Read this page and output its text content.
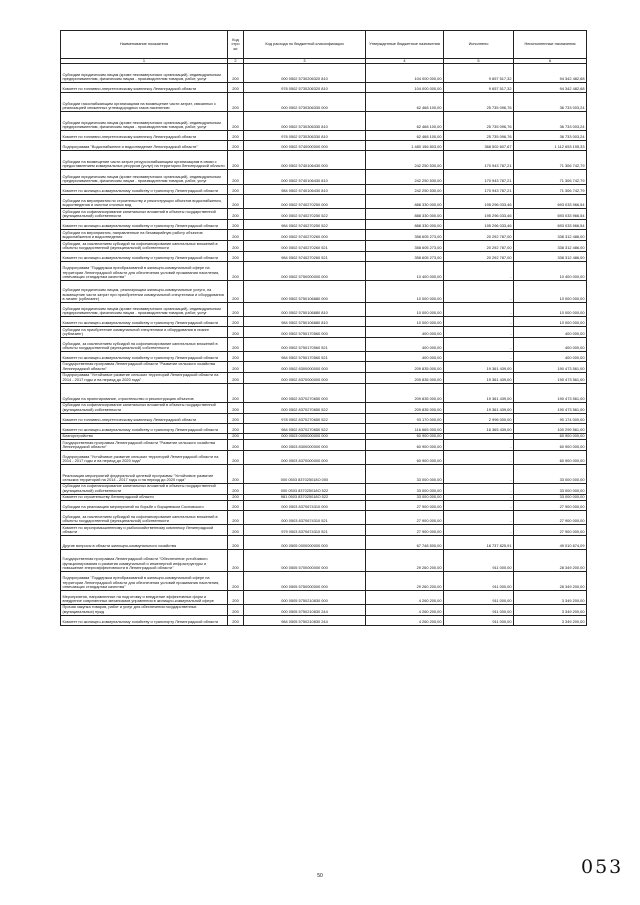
Наименование показателя	Код стро ки	Код расхода по бюджетной классификации	Утвержденные бюджетные назначения	Исполнено	Неисполненные назначения
1	2	3	4	5	6
Субсидии юридическим лицам (кроме некоммерческих организаций), индивидуальным предпринимателям, физическим лицам - производителям товаров, работ, услуг	200	000 0502 5730206320 810	104 000 000,00	9 657 517,32	94 342 482,68
Комитет по топливно-энергетическому комплексу Ленинградской области	200	978 0502 5730206320 810	104 000 000,00	9 657 517,32	94 342 482,68
Субсидии газоснабжающим организациям на возмещение части затрат, связанных с реализацией сниженных углеводородных газов населению	200	000 0502 5730306330 000	62 468 100,00	25 735 096,76	36 733 003,24
Субсидии юридическим лицам (кроме некоммерческих организаций), индивидуальным предпринимателям, физическим лицам - производителям товаров, работ, услуг	200	000 0502 5730306330 810	62 468 100,00	25 735 096,76	36 733 003,24
Комитет по топливно-энергетическому комплексу Ленинградской области	200	978 0502 5730306330 810	62 468 100,00	25 735 096,76	36 733 003,24
Подпрограмма "Водоснабжение и водоотведение Ленинградской области"	200	000 0502 5740000000 000	1 480 156 803,00	368 502 607,67	1 112 653 195,33
Субсидии на возмещение части затрат ресурсоснабжающим организациям в связи с предоставлением коммунальных ресурсов (услуг) на территории Ленинградской области	200	000 0502 5740106430 000	242 250 530,00	170 943 787,21	71 306 742,79
Субсидии юридическим лицам (кроме некоммерческих организаций), индивидуальным предпринимателям, физическим лицам - производителям товаров, работ, услуг	200	000 0502 5740106430 810	242 250 530,00	170 943 787,21	71 306 742,79
Комитет по жилищно-коммунальному хозяйству и транспорту Ленинградской области	200	984 0502 5740106430 810	242 250 530,00	170 943 787,21	71 306 742,79
Субсидии на мероприятия по строительству и реконструкции объектов водоснабжения, водоотведения и очистки сточных вод	200	000 0502 5740270250 000	888 330 000,00	195 296 033,46	693 033 966,54
Субсидии на софинансирование капитальных вложений в объекты государственной (муниципальной) собственности	200	000 0502 5740270250 522	888 330 000,00	195 296 033,46	693 033 966,54
Комитет по жилищно-коммунальному хозяйству и транспорту Ленинградской области	200	984 0502 5740270250 522	888 330 000,00	195 296 033,46	693 033 966,54
Субсидии на мероприятия, направленные на безаварийную работу объектов водоснабжения и водоотведения	200	000 0502 5740270260 000	358 605 273,00	20 292 787,00	338 312 486,00
Субсидии, за исключением субсидий на софинансирование капитальных вложений в объекты государственной (муниципальной) собственности	200	000 0502 5740270260 521	358 605 273,00	20 292 787,00	338 312 486,00
Комитет по жилищно-коммунальному хозяйству и транспорту Ленинградской области	200	984 0502 5740270260 521	358 605 273,00	20 292 787,00	338 312 486,00
Подпрограмма "Поддержка преобразований в жилищно-коммунальной сфере на территории Ленинградской области для обеспечения условий проживания населения, отвечающих стандартам качества"	200	000 0502 5750000000 000	10 400 000,00	-	10 400 000,00
Субсидии юридическим лицам, реализующим жилищно-коммунальные услуги, на возмещение части затрат при приобретении коммунальной спецтехники и оборудования в лизинг (сублизинг)	200	000 0502 5750106880 000	10 000 000,00	-	10 000 000,00
Субсидии юридическим лицам (кроме некоммерческих организаций), индивидуальным предпринимателям, физическим лицам - производителям товаров, работ, услуг	200	000 0502 5750106880 810	10 000 000,00	-	10 000 000,00
Комитет по жилищно-коммунальному хозяйству и транспорту Ленинградской области	200	984 0502 5750106880 810	10 000 000,00	-	10 000 000,00
Субсидии на приобретение коммунальной спецтехники и оборудования в лизинг (сублизинг)	200	000 0502 5750170560 000	400 000,00	-	400 000,00
Субсидии, за исключением субсидий на софинансирование капитальных вложений в объекты государственной (муниципальной) собственности	200	000 0502 5750170560 521	400 000,00	-	400 000,00
Комитет по жилищно-коммунальному хозяйству и транспорту Ленинградской области	200	984 0502 5750170560 521	400 000,00	-	400 000,00
Государственная программа Ленинградской области "Развитие сельского хозяйства Ленинградской области"	200	000 0502 8300000000 000	209 835 000,00	19 361 439,00	190 473 561,00
Подпрограмма "Устойчивое развитие сельских территорий Ленинградской области на 2014 - 2017 годы и на период до 2020 года"	200	000 0502 8370000000 000	209 835 000,00	19 361 439,00	190 473 561,00
Субсидии на проектирование, строительство и реконструкцию объектов	200	000 0502 8370270650 000	209 835 000,00	19 361 439,00	190 473 561,00
Субсидии на софинансирование капитальных вложений в объекты государственной (муниципальной) собственности	200	000 0502 8370270650 522	209 835 000,00	19 361 439,00	190 473 561,00
Комитет по топливно-энергетическому комплексу Ленинградской области	200	978 0502 8370270650 522	93 170 000,00	2 996 000,00	90 174 000,00
Комитет по жилищно-коммунальному хозяйству и транспорту Ленинградской области	200	984 0502 8370270650 522	116 665 000,00	16 365 439,00	100 299 561,00
Благоустройство	200	000 0503 0000000000 000	60 900 000,00	-	60 900 000,00
Государственная программа Ленинградской области "Развитие сельского хозяйства Ленинградской области"	200	000 0503 8300000000 000	60 900 000,00	-	60 900 000,00
Подпрограмма "Устойчивое развитие сельских территорий Ленинградской области на 2014 - 2017 годы и на период до 2020 года"	200	000 0503 8370000000 000	60 900 000,00	-	60 900 000,00
Реализация мероприятий федеральной целевой программы "Устойчивое развитие сельских территорий на 2014 - 2017 годы и на период до 2020 года"	200	000 0503 837025018О 000	33 000 000,00	-	33 000 000,00
Субсидии на софинансирование капитальных вложений в объекты государственной (муниципальной) собственности	200	000 0503 837025018О 522	33 000 000,00	-	33 000 000,00
Комитет по строительству Ленинградской области	200	981 0503 837025018О 522	33 000 000,00	-	33 000 000,00
Субсидии на реализацию мероприятий по борьбе с борщевиком Сосновского	200	000 0503 8370674310 000	27 900 000,00	-	27 900 000,00
Субсидии, за исключением субсидий на софинансирование капитальных вложений в объекты государственной (муниципальной) собственности	200	000 0503 8370674310 521	27 900 000,00	-	27 900 000,00
Комитет по агропромышленному и рыбохозяйственному комплексу Ленинградской области	200	979 0503 8370674310 521	27 900 000,00	-	27 900 000,00
Другие вопросы в области жилищно-коммунального хозяйства	200	000 0505 0000000000 000	67 748 500,00	18 737 825,91	49 010 674,09
Государственная программа Ленинградской области "Обеспечение устойчивого функционирования и развития коммунальной и инженерной инфраструктуры и повышение энергоэффективности в Ленинградской области"	200	000 0505 5700000000 000	29 260 200,00	911 000,00	28 349 200,00
Подпрограмма "Поддержка преобразований в жилищно-коммунальной сфере на территории Ленинградской области для обеспечения условий проживания населения, отвечающих стандартам качества"	200	000 0505 5750000000 000	29 260 200,00	911 000,00	28 349 200,00
Мероприятия, направленные на подготовку и внедрение эффективных форм и внедрение современных механизмов управления в жилищно-коммунальной сфере	200	000 0505 5750210830 000	4 260 200,00	911 000,00	3 349 200,00
Прочая закупка товаров, работ и услуг для обеспечения государственных (муниципальных) нужд	200	000 0505 5750210830 244	4 260 200,00	911 000,00	3 349 200,00
Комитет по жилищно-коммунальному хозяйству и транспорту Ленинградской области	200	984 0505 5750210830 244	4 260 200,00	911 000,00	3 349 200,00
50	053
